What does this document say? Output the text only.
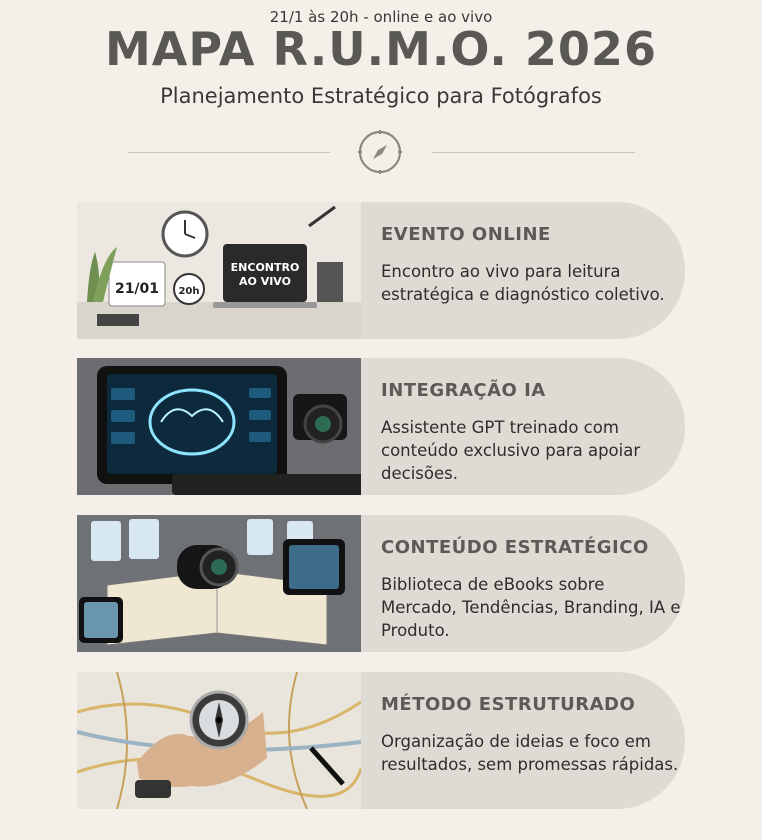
21/1 às 20h - online e ao vivo
MAPA R.U.M.O. 2026
Planejamento Estratégico para Fotógrafos
ENCONTRO
AO VIVO
21/01 20h
EVENTO ONLINE
Encontro ao vivo para leitura estratégica e diagnóstico coletivo.
INTEGRAÇÃO IA
Assistente GPT treinado com conteúdo exclusivo para apoiar decisões.
CONTEÚDO ESTRATÉGICO
Biblioteca de eBooks sobre Mercado, Tendências, Branding, IA e Produto.
MÉTODO ESTRUTURADO
Organização de ideias e foco em resultados, sem promessas rápidas.
